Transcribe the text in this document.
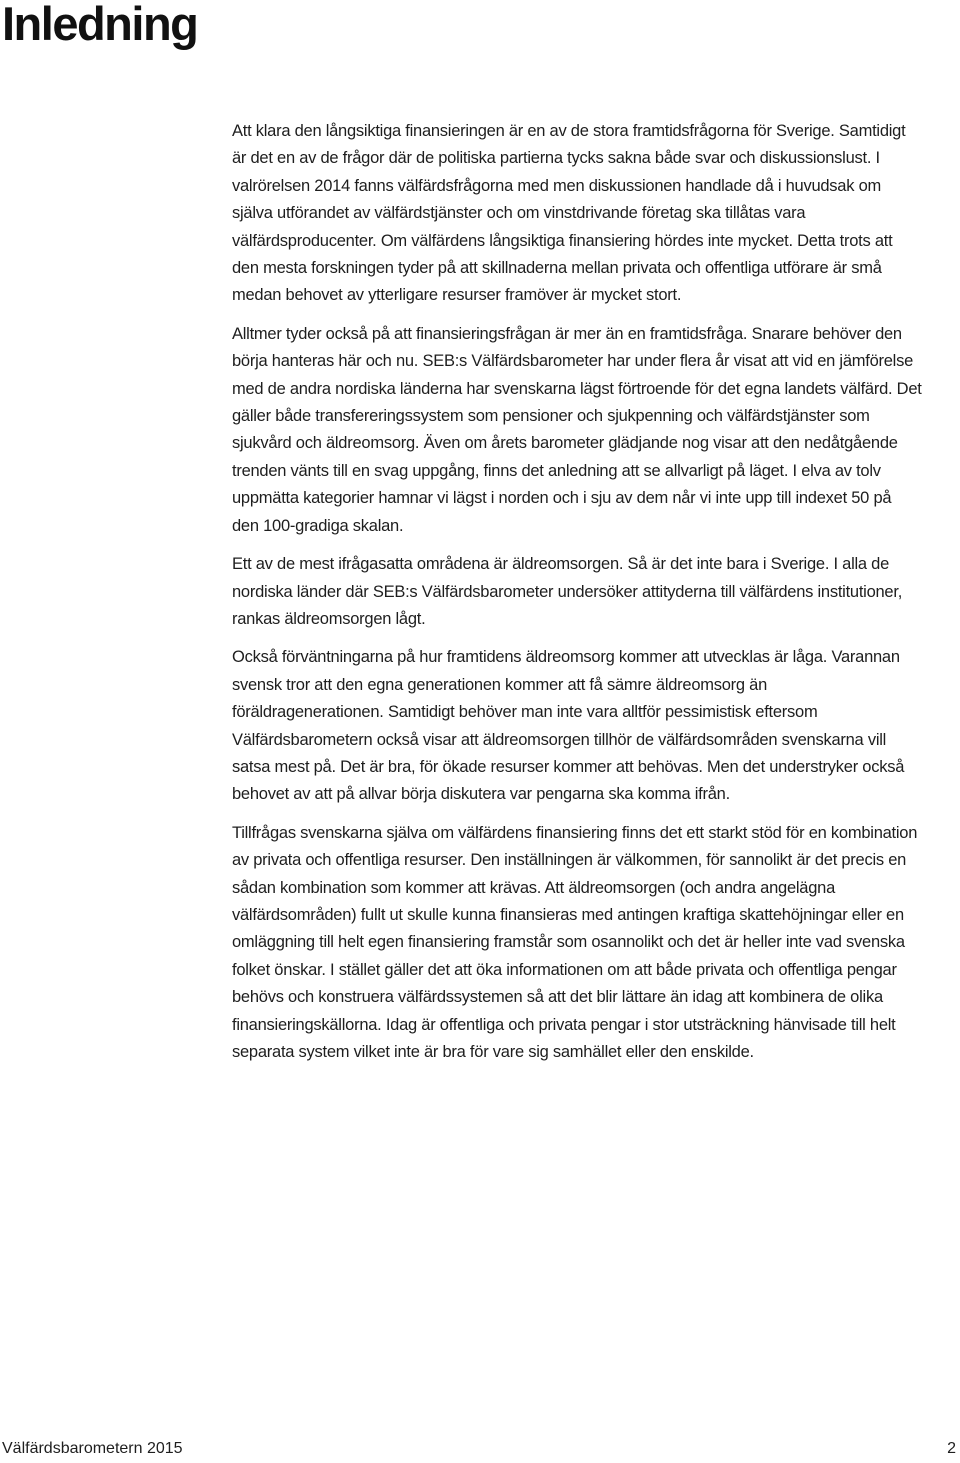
Inledning

Att klara den långsiktiga finansieringen är en av de stora framtidsfrågorna för Sverige. Samtidigt är det en av de frågor där de politiska partierna tycks sakna både svar och diskussionslust. I valrörelsen 2014 fanns välfärdsfrågorna med men diskussionen handlade då i huvudsak om själva utförandet av välfärdstjänster och om vinstdrivande företag ska tillåtas vara välfärdsproducenter. Om välfärdens långsiktiga finansiering hördes inte mycket. Detta trots att den mesta forskningen tyder på att skillnaderna mellan privata och offentliga utförare är små medan behovet av ytterligare resurser framöver är mycket stort.

Alltmer tyder också på att finansieringsfrågan är mer än en framtidsfråga. Snarare behöver den börja hanteras här och nu. SEB:s Välfärdsbarometer har under flera år visat att vid en jämförelse med de andra nordiska länderna har svenskarna lägst förtroende för det egna landets välfärd. Det gäller både transfereringssystem som pensioner och sjukpenning och välfärdstjänster som sjukvård och äldreomsorg. Även om årets barometer glädjande nog visar att den nedåtgående trenden vänts till en svag uppgång, finns det anledning att se allvarligt på läget. I elva av tolv uppmätta kategorier hamnar vi lägst i norden och i sju av dem når vi inte upp till indexet 50 på den 100-gradiga skalan.

Ett av de mest ifrågasatta områdena är äldreomsorgen. Så är det inte bara i Sverige. I alla de nordiska länder där SEB:s Välfärdsbarometer undersöker attityderna till välfärdens institutioner, rankas äldreomsorgen lågt.

Också förväntningarna på hur framtidens äldreomsorg kommer att utvecklas är låga. Varannan svensk tror att den egna generationen kommer att få sämre äldreomsorg än föräldragenerationen. Samtidigt behöver man inte vara alltför pessimistisk eftersom Välfärdsbarometern också visar att äldreomsorgen tillhör de välfärdsområden svenskarna vill satsa mest på. Det är bra, för ökade resurser kommer att behövas. Men det understryker också behovet av att på allvar börja diskutera var pengarna ska komma ifrån.

Tillfrågas svenskarna själva om välfärdens finansiering finns det ett starkt stöd för en kombination av privata och offentliga resurser. Den inställningen är välkommen, för sannolikt är det precis en sådan kombination som kommer att krävas. Att äldreomsorgen (och andra angelägna välfärdsområden) fullt ut skulle kunna finansieras med antingen kraftiga skattehöjningar eller en omläggning till helt egen finansiering framstår som osannolikt och det är heller inte vad svenska folket önskar. I stället gäller det att öka informationen om att både privata och offentliga pengar behövs och konstruera välfärdssystemen så att det blir lättare än idag att kombinera de olika finansieringskällorna. Idag är offentliga och privata pengar i stor utsträckning hänvisade till helt separata system vilket inte är bra för vare sig samhället eller den enskilde.

Välfärdsbarometern 2015	2
